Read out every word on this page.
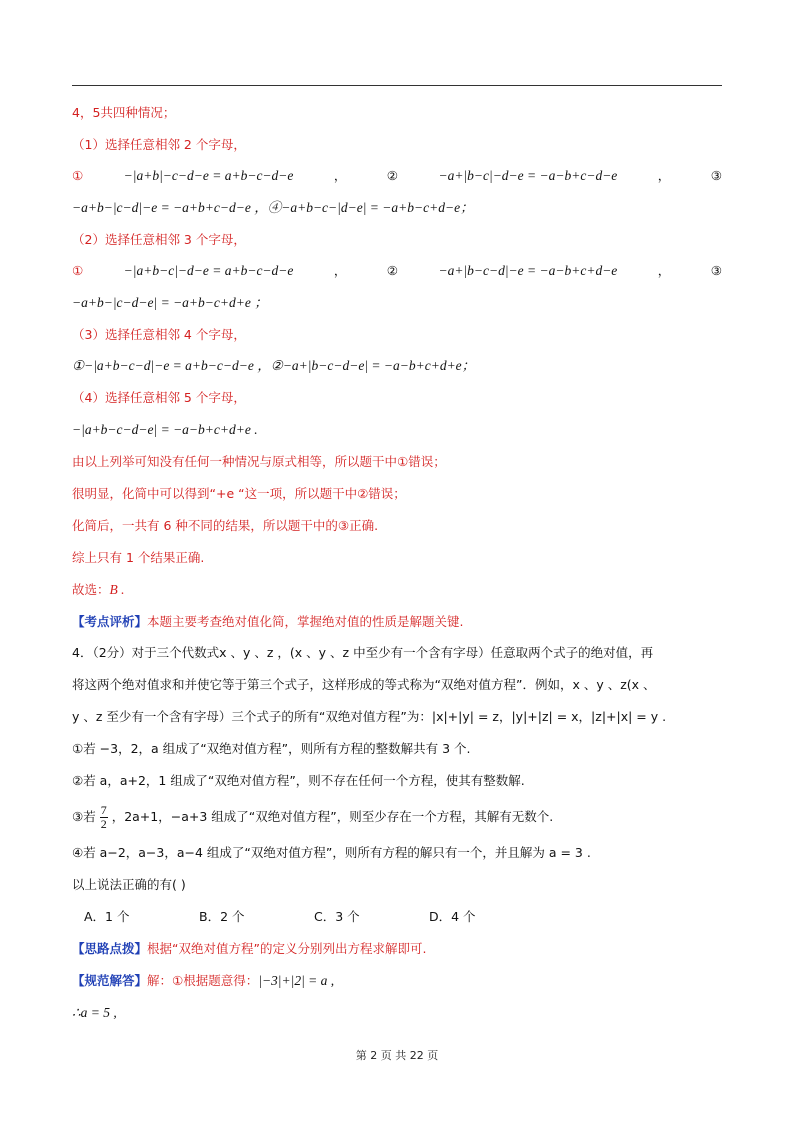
4，5共四种情况；
（1）选择任意相邻 2 个字母，
①	−|a+b|−c−d−e = a+b−c−d−e	，	②	−a+|b−c|−d−e = −a−b+c−d−e	，	③
−a+b−|c−d|−e = −a+b+c−d−e ，④−a+b−c−|d−e| = −a+b−c+d−e；
（2）选择任意相邻 3 个字母，
①	−|a+b−c|−d−e = a+b−c−d−e	，	②	−a+|b−c−d|−e = −a−b+c+d−e	，	③
−a+b−|c−d−e| = −a+b−c+d+e ；
（3）选择任意相邻 4 个字母，
①−|a+b−c−d|−e = a+b−c−d−e ，②−a+|b−c−d−e| = −a−b+c+d+e；
（4）选择任意相邻 5 个字母，
−|a+b−c−d−e| = −a−b+c+d+e .
由以上列举可知没有任何一种情况与原式相等，所以题干中①错误；
很明显，化简中可以得到“+e “这一项，所以题干中②错误；
化简后，一共有 6 种不同的结果，所以题干中的③正确.
综上只有 1 个结果正确.
故选：B .
【考点评析】本题主要考查绝对值化简，掌握绝对值的性质是解题关键.
4．（2分）对于三个代数式x 、y 、z ，(x 、y 、z 中至少有一个含有字母）任意取两个式子的绝对值，再
将这两个绝对值求和并使它等于第三个式子，这样形成的等式称为“双绝对值方程”．例如，x 、y 、z(x 、
y 、z 至少有一个含有字母）三个式子的所有“双绝对值方程”为：|x|+|y| = z，|y|+|z| = x，|z|+|x| = y .
①若 −3，2，a 组成了“双绝对值方程”，则所有方程的整数解共有 3 个.
②若 a，a+2，1 组成了“双绝对值方程”，则不存在任何一个方程，使其有整数解.
③若 $\frac{7}{2}$ ，2a+1，−a+3 组成了“双绝对值方程”，则至少存在一个方程，其解有无数个.
④若 a−2，a−3，a−4 组成了“双绝对值方程”，则所有方程的解只有一个，并且解为 a = 3 .
以上说法正确的有( )
A．1 个	B．2 个	C．3 个	D．4 个
【思路点拨】根据“双绝对值方程”的定义分别列出方程求解即可.
【规范解答】解：①根据题意得：|−3|+|2| = a ,
∴a = 5 ,
第 2 页 共 22 页
